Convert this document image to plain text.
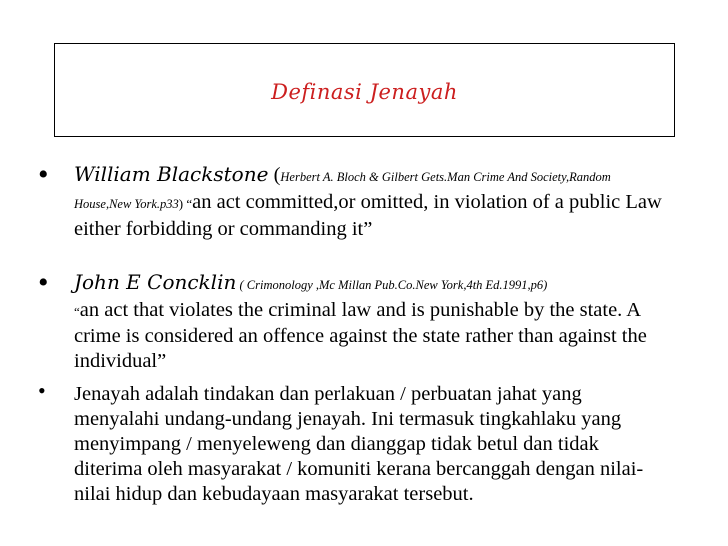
Definasi Jenayah
• William Blackstone (Herbert A. Bloch & Gilbert Gets.Man Crime And Society,Random House,New York.p33) “an act committed,or omitted, in violation of a public Law either forbidding or commanding it”
• John E Concklin ( Crimonology ,Mc Millan Pub.Co.New York,4th Ed.1991,p6)
“an act that violates the criminal law and is punishable by the state. A crime is considered an offence against the state rather than against the individual”
• Jenayah adalah tindakan dan perlakuan / perbuatan jahat yang menyalahi undang-undang jenayah. Ini termasuk tingkahlaku yang menyimpang / menyeleweng dan dianggap tidak betul dan tidak diterima oleh masyarakat / komuniti kerana bercanggah dengan nilai-nilai hidup dan kebudayaan masyarakat tersebut.
